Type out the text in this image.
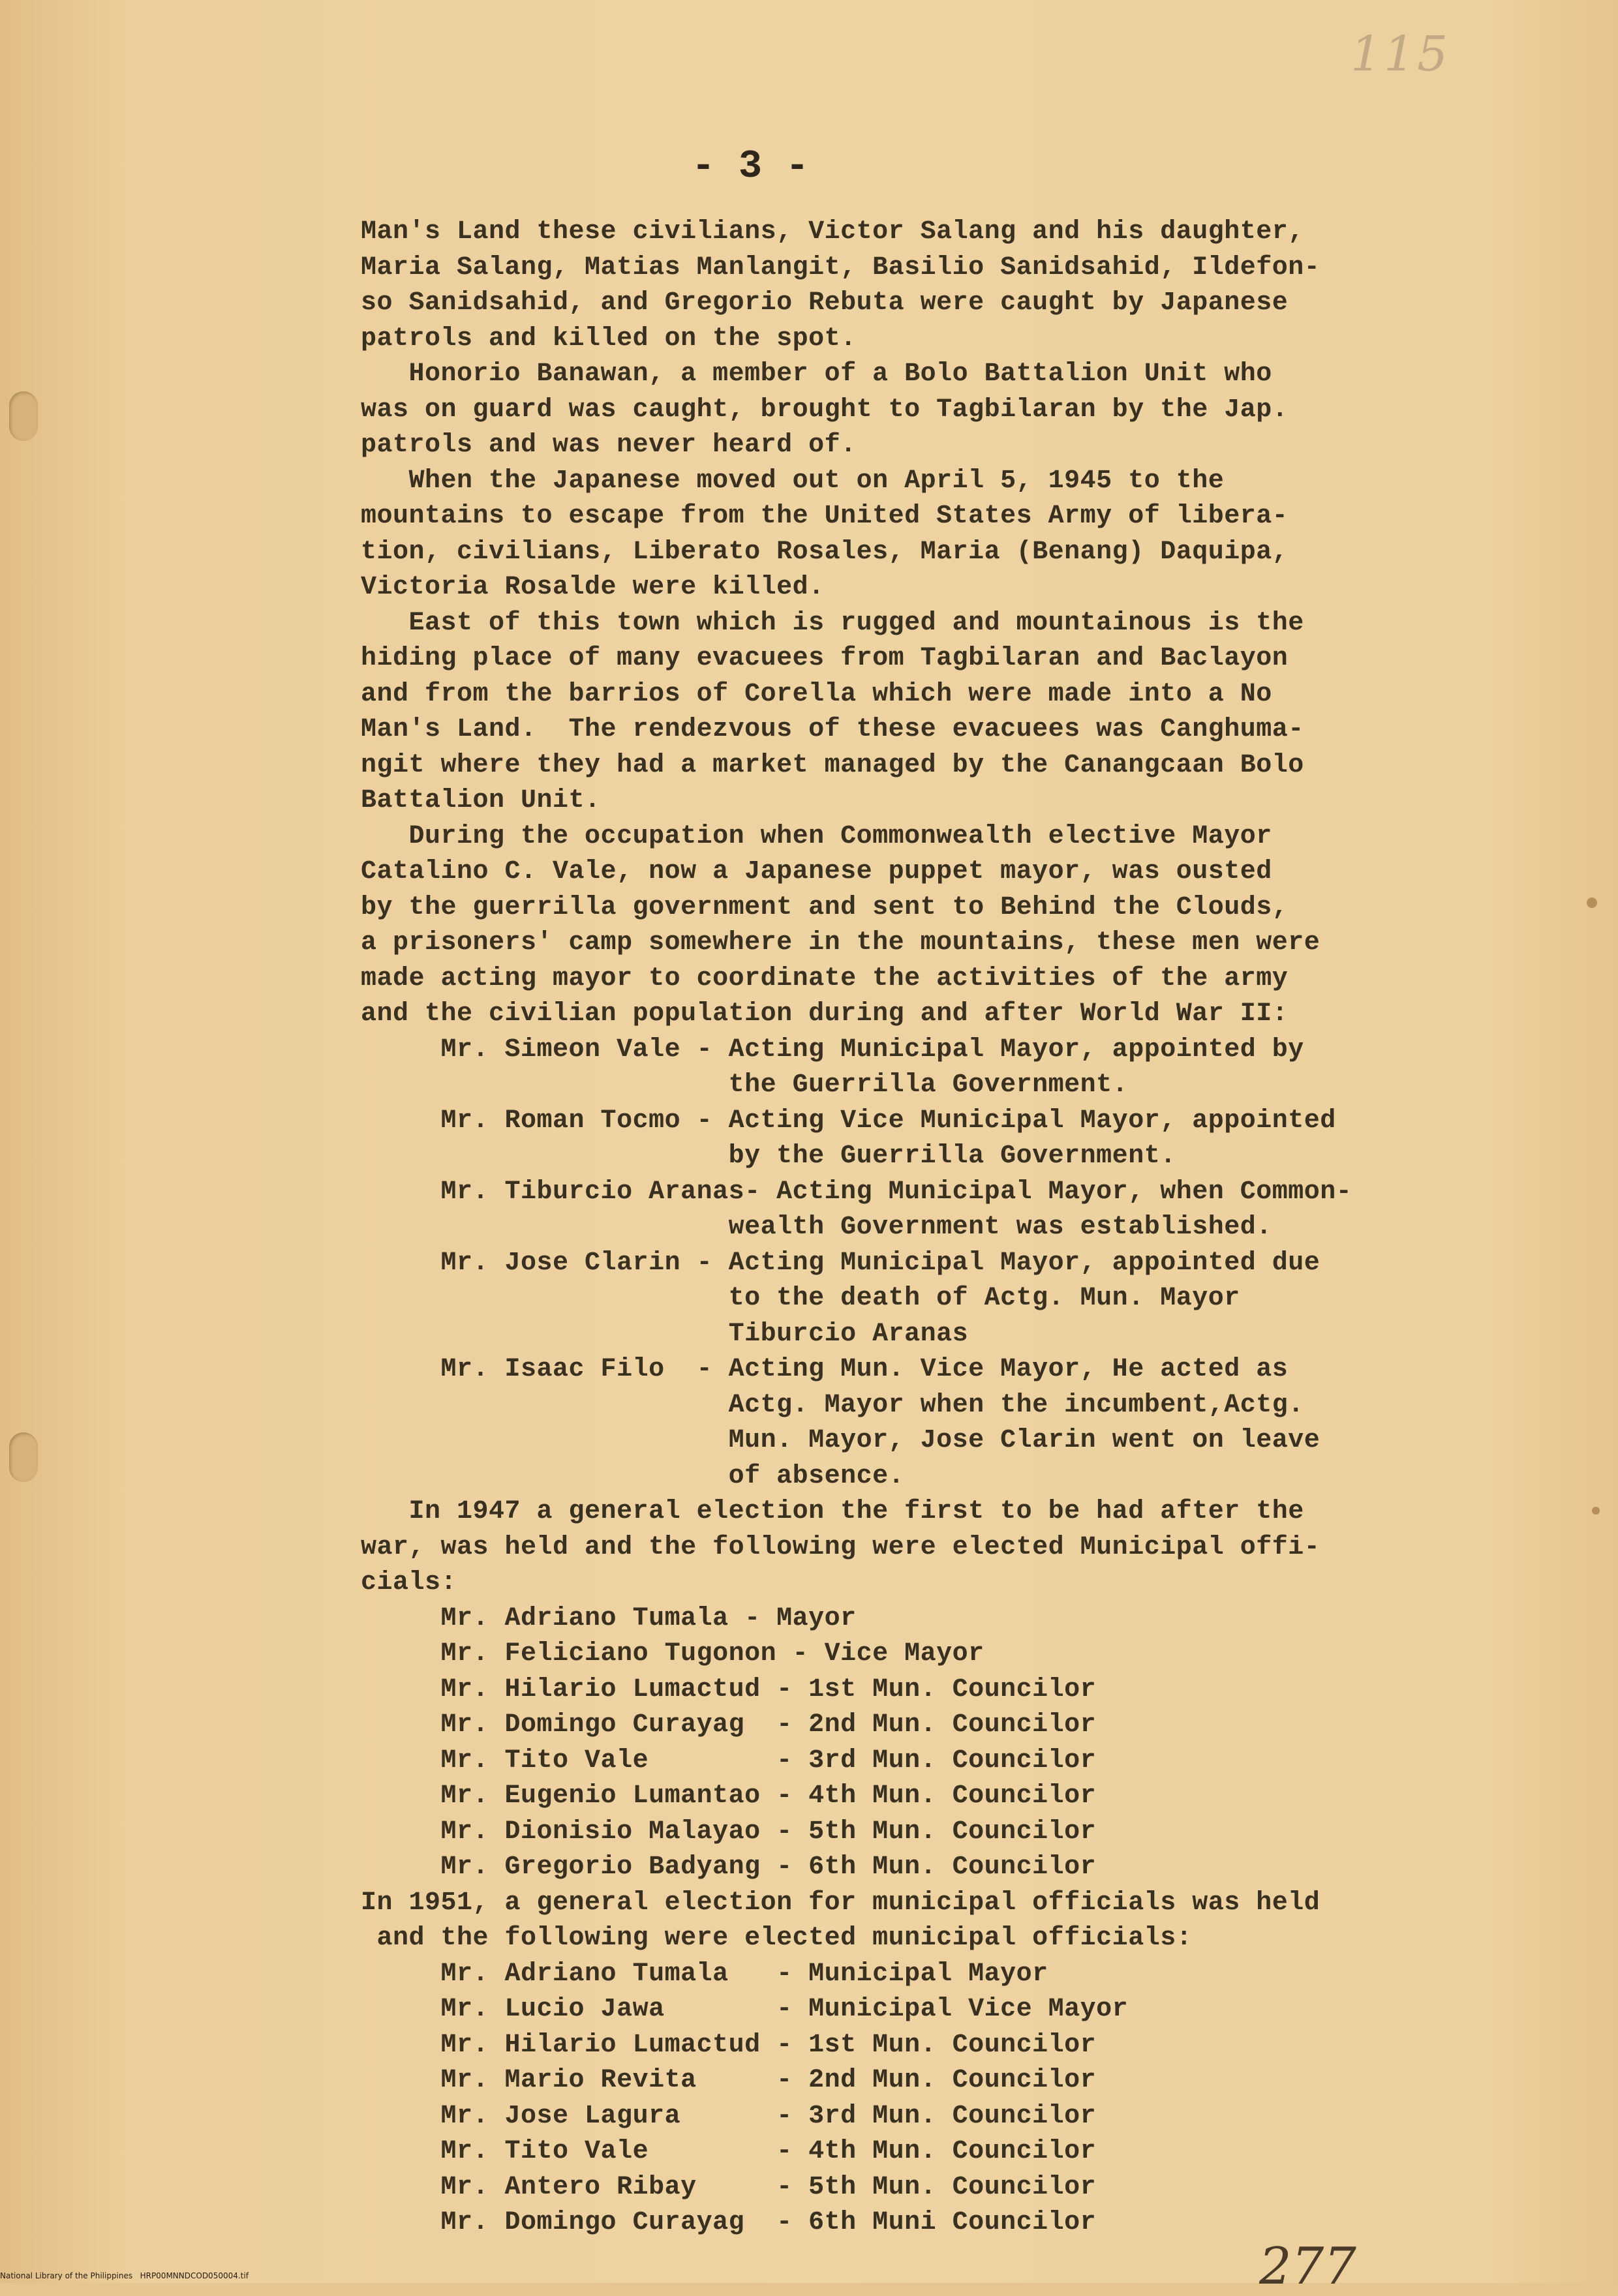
115
277
- 3 -
Man's Land these civilians, Victor Salang and his daughter,
Maria Salang, Matias Manlangit, Basilio Sanidsahid, Ildefon-
so Sanidsahid, and Gregorio Rebuta were caught by Japanese
patrols and killed on the spot.
Honorio Banawan, a member of a Bolo Battalion Unit who
was on guard was caught, brought to Tagbilaran by the Jap.
patrols and was never heard of.
When the Japanese moved out on April 5, 1945 to the
mountains to escape from the United States Army of libera-
tion, civilians, Liberato Rosales, Maria (Benang) Daquipa,
Victoria Rosalde were killed.
East of this town which is rugged and mountainous is the
hiding place of many evacuees from Tagbilaran and Baclayon
and from the barrios of Corella which were made into a No
Man's Land.  The rendezvous of these evacuees was Canghuma-
ngit where they had a market managed by the Canangcaan Bolo
Battalion Unit.
During the occupation when Commonwealth elective Mayor
Catalino C. Vale, now a Japanese puppet mayor, was ousted
by the guerrilla government and sent to Behind the Clouds,
a prisoners' camp somewhere in the mountains, these men were
made acting mayor to coordinate the activities of the army
and the civilian population during and after World War II:
Mr. Simeon Vale - Acting Municipal Mayor, appointed by
the Guerrilla Government.
Mr. Roman Tocmo - Acting Vice Municipal Mayor, appointed
by the Guerrilla Government.
Mr. Tiburcio Aranas- Acting Municipal Mayor, when Common-
wealth Government was established.
Mr. Jose Clarin - Acting Municipal Mayor, appointed due
to the death of Actg. Mun. Mayor
Tiburcio Aranas
Mr. Isaac Filo  - Acting Mun. Vice Mayor, He acted as
Actg. Mayor when the incumbent,Actg.
Mun. Mayor, Jose Clarin went on leave
of absence.
In 1947 a general election the first to be had after the
war, was held and the following were elected Municipal offi-
cials:
Mr. Adriano Tumala - Mayor
Mr. Feliciano Tugonon - Vice Mayor
Mr. Hilario Lumactud - 1st Mun. Councilor
Mr. Domingo Curayag  - 2nd Mun. Councilor
Mr. Tito Vale        - 3rd Mun. Councilor
Mr. Eugenio Lumantao - 4th Mun. Councilor
Mr. Dionisio Malayao - 5th Mun. Councilor
Mr. Gregorio Badyang - 6th Mun. Councilor
In 1951, a general election for municipal officials was held
and the following were elected municipal officials:
Mr. Adriano Tumala   - Municipal Mayor
Mr. Lucio Jawa       - Municipal Vice Mayor
Mr. Hilario Lumactud - 1st Mun. Councilor
Mr. Mario Revita     - 2nd Mun. Councilor
Mr. Jose Lagura      - 3rd Mun. Councilor
Mr. Tito Vale        - 4th Mun. Councilor
Mr. Antero Ribay     - 5th Mun. Councilor
Mr. Domingo Curayag  - 6th Muni Councilor
National Library of the Philippines   HRP00MNNDCOD050004.tif
